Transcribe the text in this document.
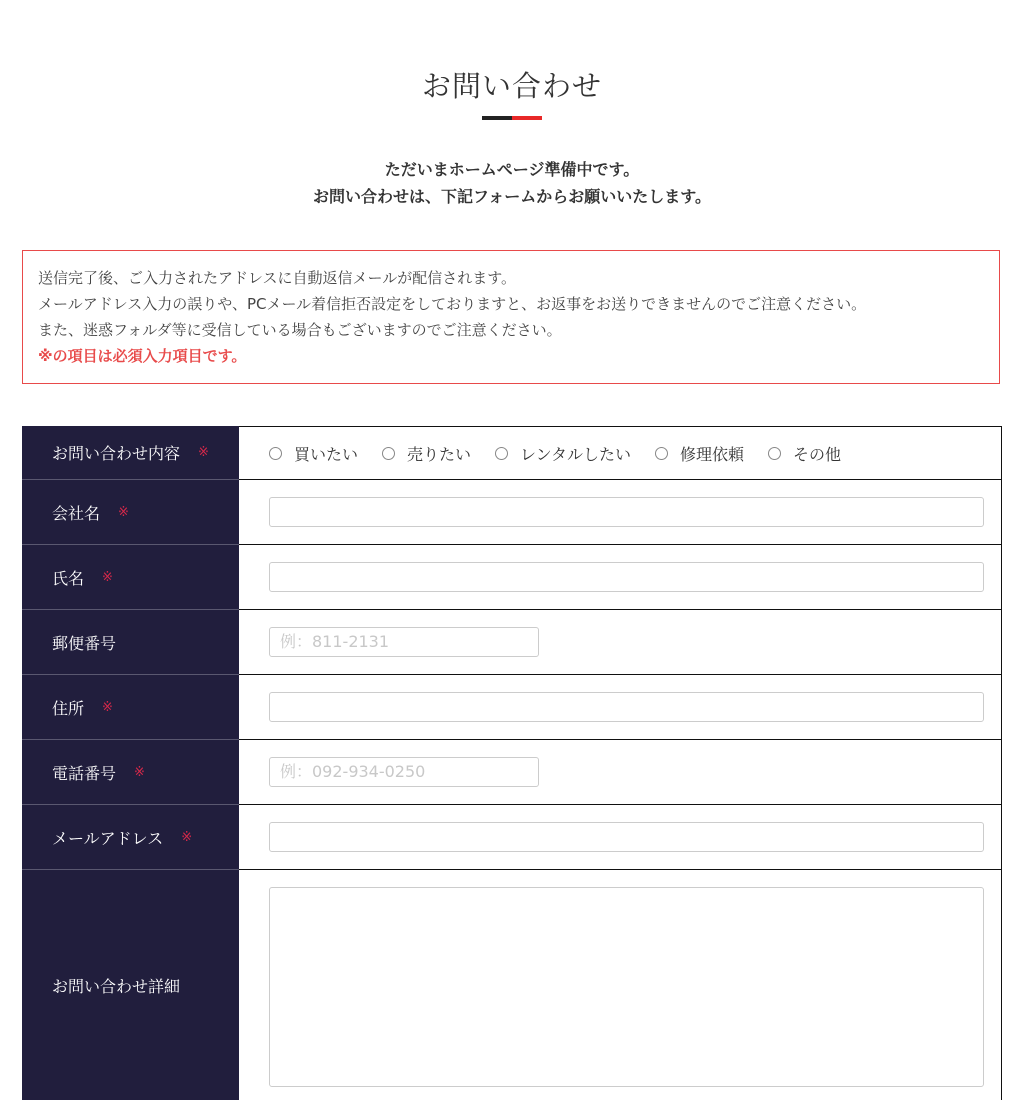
お問い合わせ
ただいまホームページ準備中です。
お問い合わせは、下記フォームからお願いいたします。
送信完了後、ご入力されたアドレスに自動返信メールが配信されます。
メールアドレス入力の誤りや、PCメール着信拒否設定をしておりますと、お返事をお送りできませんのでご注意ください。
また、迷惑フォルダ等に受信している場合もございますのでご注意ください。
※の項目は必須入力項目です。
お問い合わせ内容 ※	買いたい	売りたい	レンタルしたい	修理依頼	その他
会社名 ※
氏名 ※
郵便番号	例：811-2131
住所 ※
電話番号 ※	例：092-934-0250
メールアドレス ※
お問い合わせ詳細
